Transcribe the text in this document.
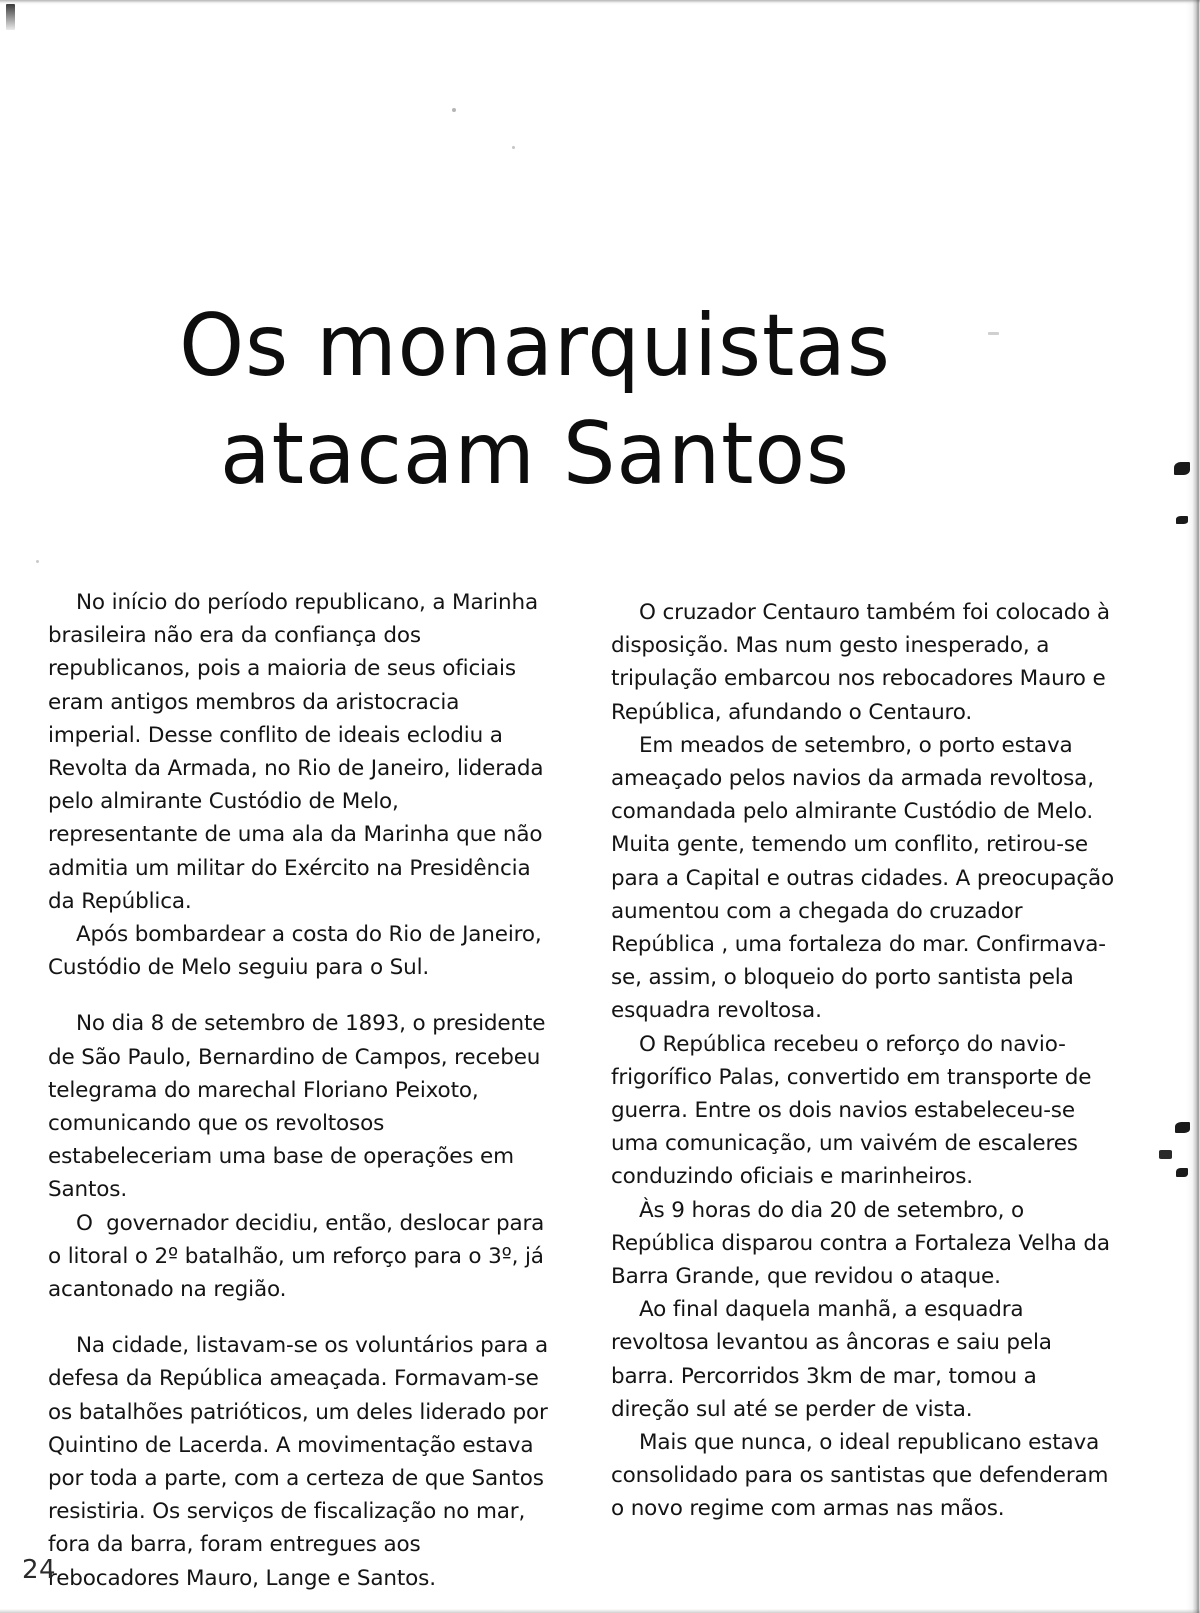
Os monarquistas
atacam Santos

No início do período republicano, a Marinha brasileira não era da confiança dos republicanos, pois a maioria de seus oficiais eram antigos membros da aristocracia imperial. Desse conflito de ideais eclodiu a Revolta da Armada, no Rio de Janeiro, liderada pelo almirante Custódio de Melo, representante de uma ala da Marinha que não admitia um militar do Exército na Presidência da República.

Após bombardear a costa do Rio de Janeiro, Custódio de Melo seguiu para o Sul.

No dia 8 de setembro de 1893, o presidente de São Paulo, Bernardino de Campos, recebeu telegrama do marechal Floriano Peixoto, comunicando que os revoltosos estabeleceriam uma base de operações em Santos.

O  governador decidiu, então, deslocar para o litoral o 2º batalhão, um reforço para o 3º, já acantonado na região.

Na cidade, listavam-se os voluntários para a defesa da República ameaçada. Formavam-se os batalhões patrióticos, um deles liderado por Quintino de Lacerda. A movimentação estava por toda a parte, com a certeza de que Santos resistiria. Os serviços de fiscalização no mar, fora da barra, foram entregues aos rebocadores Mauro, Lange e Santos.

O cruzador Centauro também foi colocado à disposição. Mas num gesto inesperado, a tripulação embarcou nos rebocadores Mauro e República, afundando o Centauro.

Em meados de setembro, o porto estava ameaçado pelos navios da armada revoltosa, comandada pelo almirante Custódio de Melo. Muita gente, temendo um conflito, retirou-se para a Capital e outras cidades. A preocupação aumentou com a chegada do cruzador República , uma fortaleza do mar. Confirmava-se, assim, o bloqueio do porto santista pela esquadra revoltosa.

O República recebeu o reforço do navio-frigorífico Palas, convertido em transporte de guerra. Entre os dois navios estabeleceu-se uma comunicação, um vaivém de escaleres conduzindo oficiais e marinheiros.

Às 9 horas do dia 20 de setembro, o República disparou contra a Fortaleza Velha da Barra Grande, que revidou o ataque.

Ao final daquela manhã, a esquadra revoltosa levantou as âncoras e saiu pela barra. Percorridos 3km de mar, tomou a direção sul até se perder de vista.

Mais que nunca, o ideal republicano estava consolidado para os santistas que defenderam o novo regime com armas nas mãos.

24
